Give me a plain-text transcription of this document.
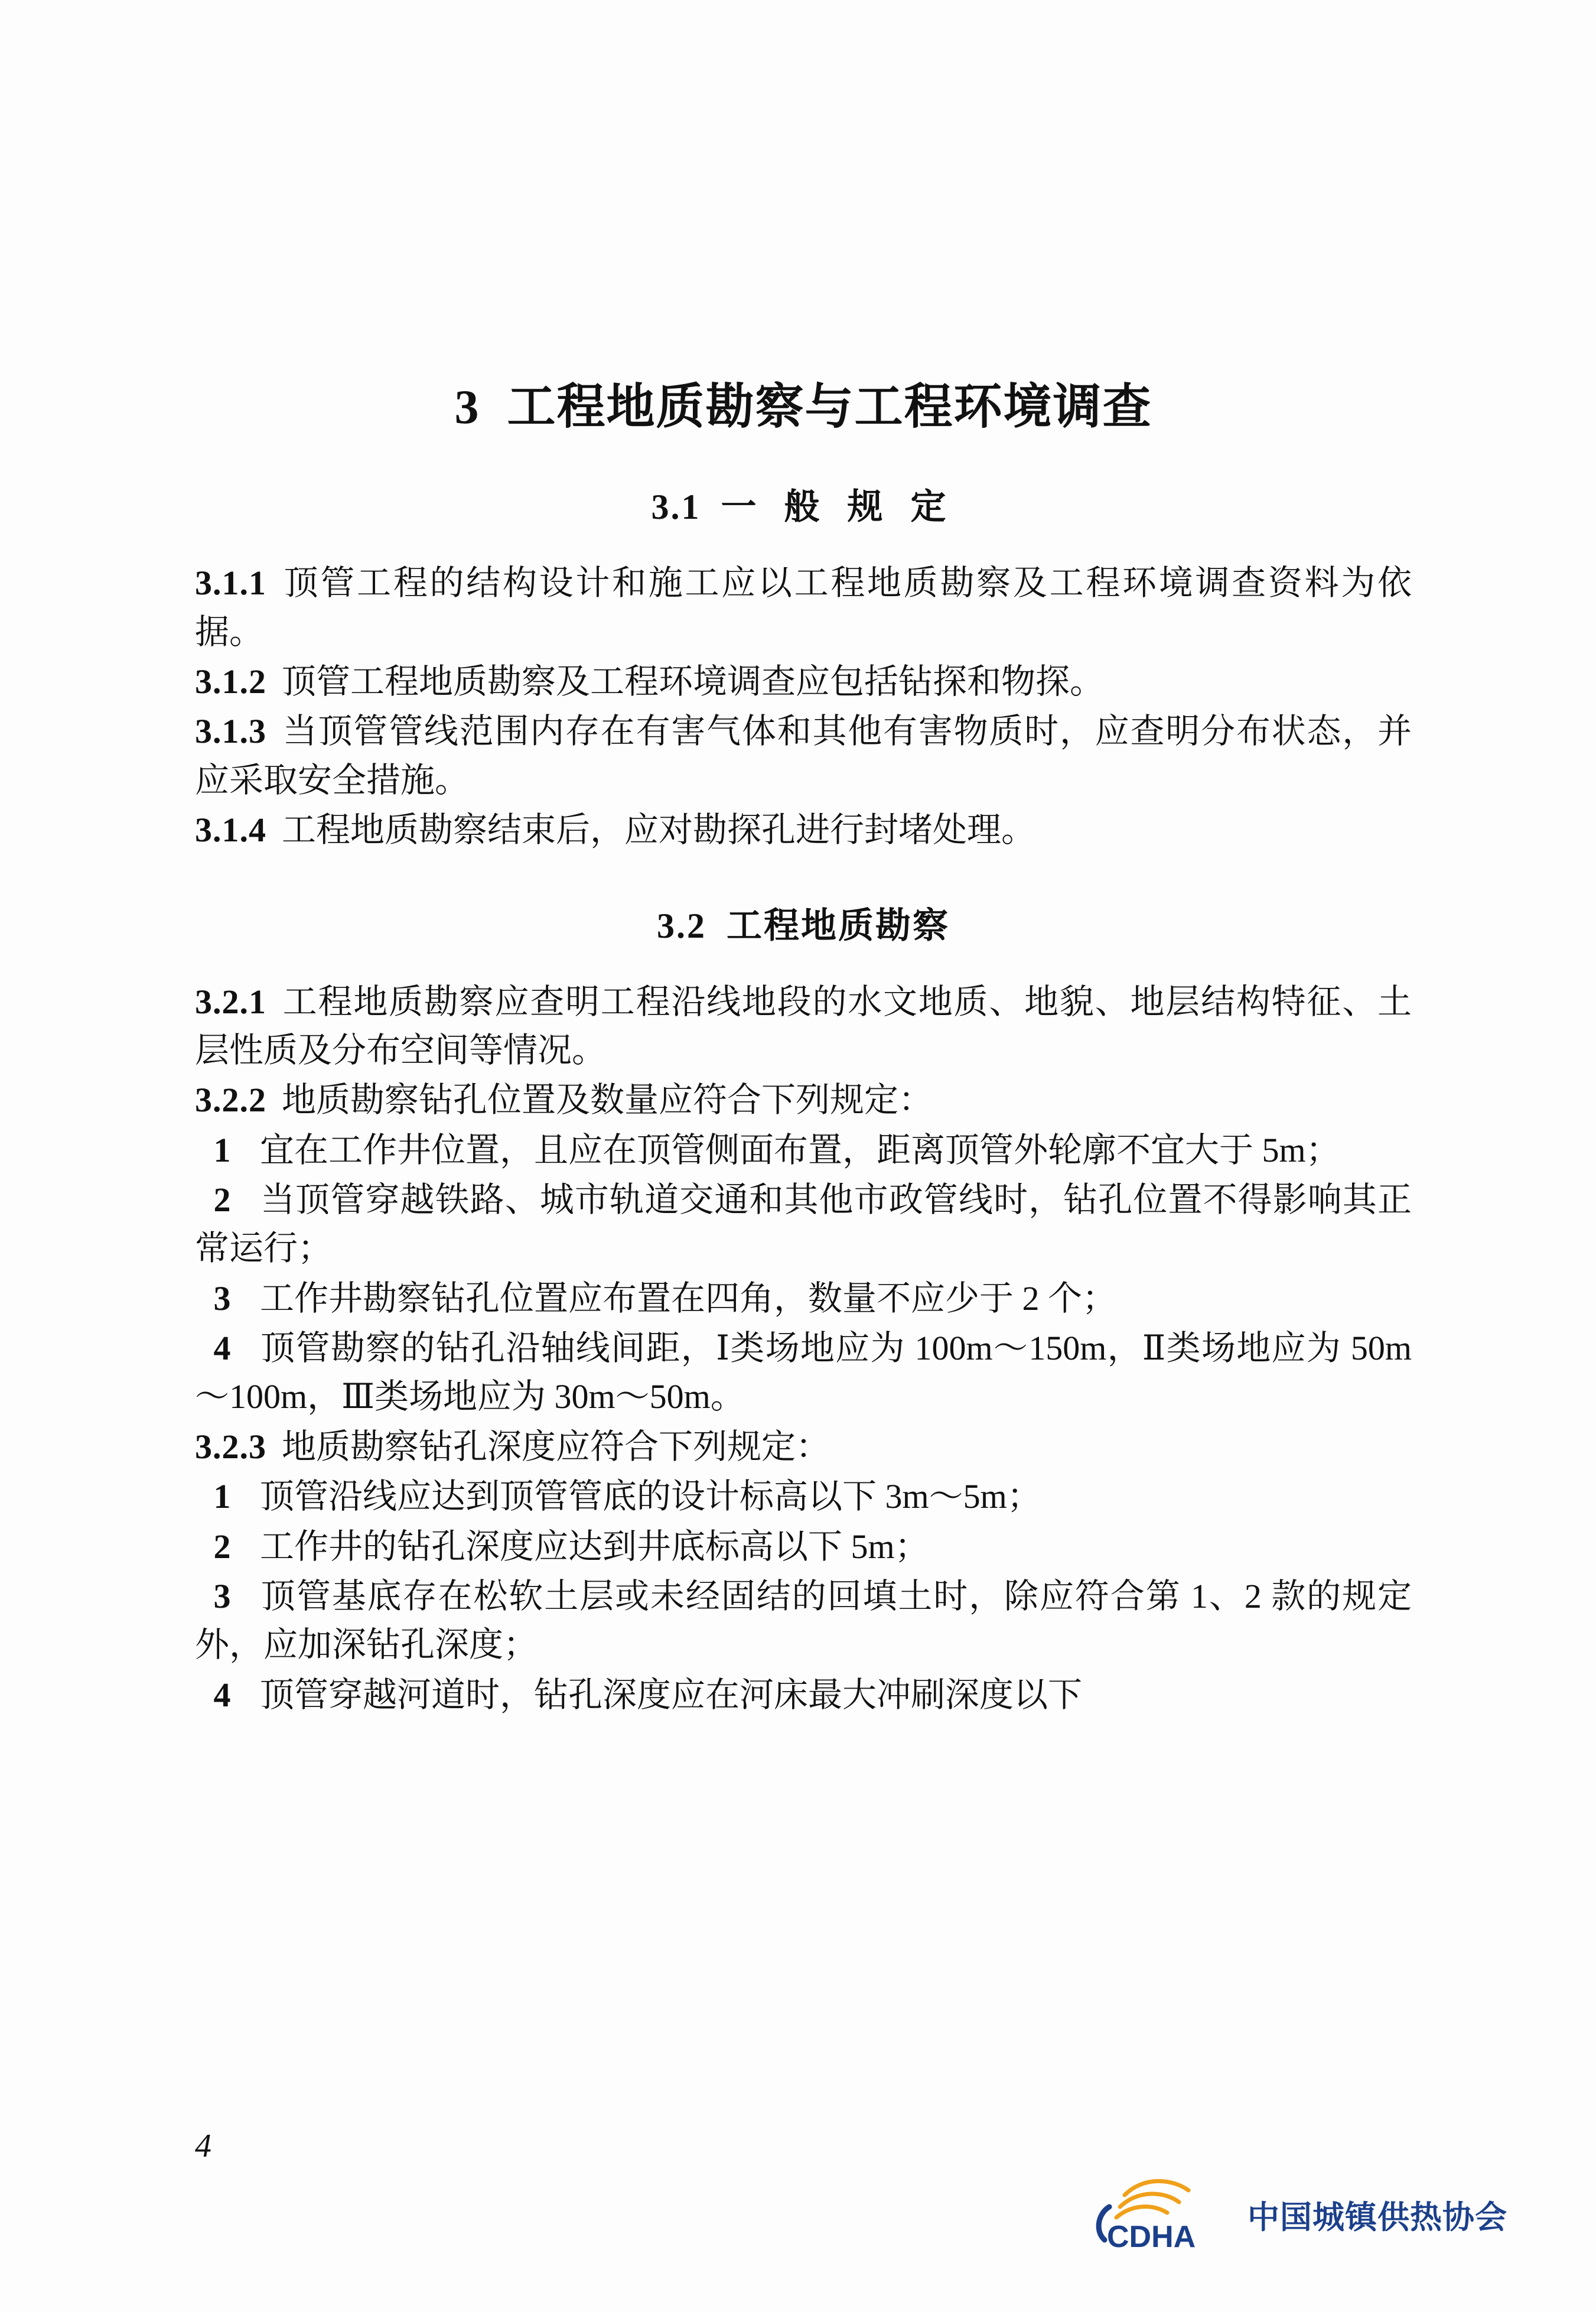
3 工程地质勘察与工程环境调查
3.1 一 般 规 定

3.1.1 顶管工程的结构设计和施工应以工程地质勘察及工程环境调查资料为依据。

3.1.2 顶管工程地质勘察及工程环境调查应包括钻探和物探。

3.1.3 当顶管管线范围内存在有害气体和其他有害物质时，应查明分布状态，并应采取安全措施。

3.1.4 工程地质勘察结束后，应对勘探孔进行封堵处理。

3.2 工程地质勘察

3.2.1 工程地质勘察应查明工程沿线地段的水文地质、地貌、地层结构特征、土层性质及分布空间等情况。

3.2.2 地质勘察钻孔位置及数量应符合下列规定：

1 宜在工作井位置，且应在顶管侧面布置，距离顶管外轮廓不宜大于 5m；

2 当顶管穿越铁路、城市轨道交通和其他市政管线时，钻孔位置不得影响其正常运行；

3 工作井勘察钻孔位置应布置在四角，数量不应少于 2 个；

4 顶管勘察的钻孔沿轴线间距，Ⅰ类场地应为 100m～150m，Ⅱ类场地应为 50m～100m，Ⅲ类场地应为 30m～50m。

3.2.3 地质勘察钻孔深度应符合下列规定：

1 顶管沿线应达到顶管管底的设计标高以下 3m～5m；

2 工作井的钻孔深度应达到井底标高以下 5m；

3 顶管基底存在松软土层或未经固结的回填土时，除应符合第 1、2 款的规定外，应加深钻孔深度；

4 顶管穿越河道时，钻孔深度应在河床最大冲刷深度以下

4
CDHA
中国城镇供热协会
